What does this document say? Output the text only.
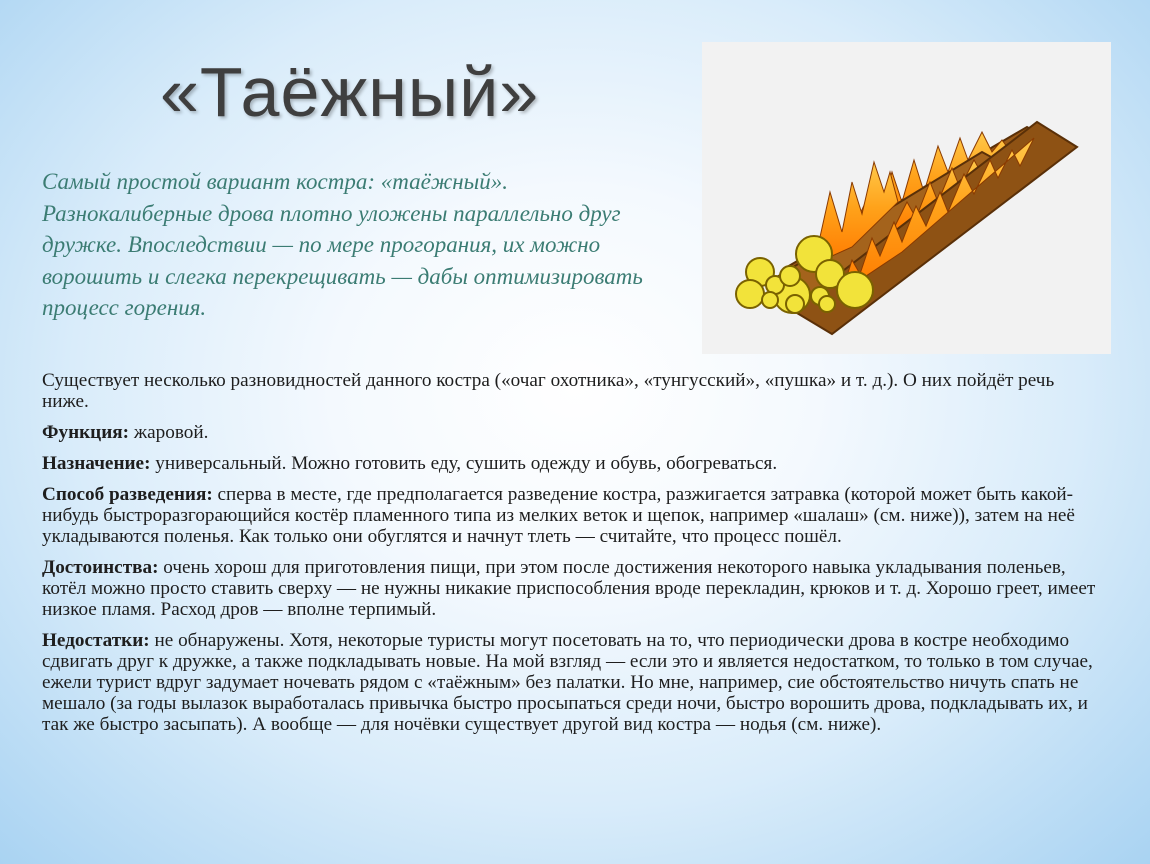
«Таёжный»

Самый простой вариант костра: «таёжный». Разнокалиберные дрова плотно уложены параллельно друг дружке. Впоследствии — по мере прогорания, их можно ворошить и слегка перекрещивать — дабы оптимизировать процесс горения.

Существует несколько разновидностей данного костра («очаг охотника», «тунгусский», «пушка» и т. д.). О них пойдёт речь ниже.

Функция: жаровой.

Назначение: универсальный. Можно готовить еду, сушить одежду и обувь, обогреваться.

Способ разведения: сперва в месте, где предполагается разведение костра, разжигается затравка (которой может быть какой-нибудь быстроразгорающийся костёр пламенного типа из мелких веток и щепок, например «шалаш» (см. ниже)), затем на неё укладываются поленья. Как только они обуглятся и начнут тлеть — считайте, что процесс пошёл.

Достоинства: очень хорош для приготовления пищи, при этом после достижения некоторого навыка укладывания поленьев, котёл можно просто ставить сверху — не нужны никакие приспособления вроде перекладин, крюков и т. д. Хорошо греет, имеет низкое пламя. Расход дров — вполне терпимый.

Недостатки: не обнаружены. Хотя, некоторые туристы могут посетовать на то, что периодически дрова в костре необходимо сдвигать друг к дружке, а также подкладывать новые. На мой взгляд — если это и является недостатком, то только в том случае, ежели турист вдруг задумает ночевать рядом с «таёжным» без палатки. Но мне, например, сие обстоятельство ничуть спать не мешало (за годы вылазок выработалась привычка быстро просыпаться среди ночи, быстро ворошить дрова, подкладывать их, и так же быстро засыпать). А вообще — для ночёвки существует другой вид костра — нодья (см. ниже).
